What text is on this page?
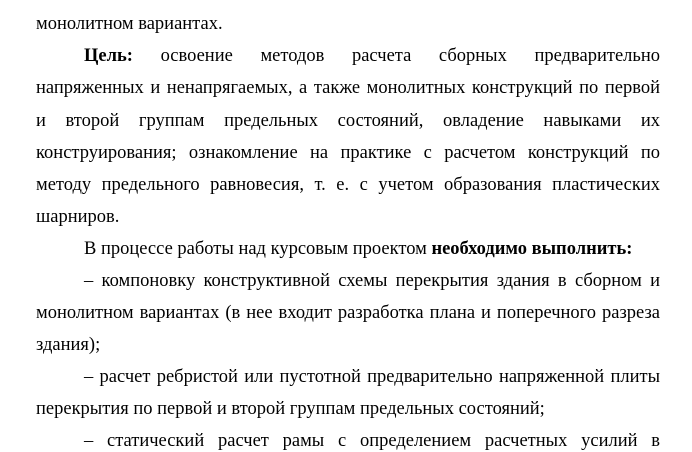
монолитном вариантах.
Цель: освоение методов расчета сборных предварительно
напряженных и ненапрягаемых, а также монолитных конструкций по первой
и второй группам предельных состояний, овладение навыками их
конструирования; ознакомление на практике с расчетом конструкций по
методу предельного равновесия, т. е. с учетом образования пластических
шарниров.
В процессе работы над курсовым проектом необходимо выполнить:
– компоновку конструктивной схемы перекрытия здания в сборном и
монолитном вариантах (в нее входит разработка плана и поперечного разреза
здания);
– расчет ребристой или пустотной предварительно напряженной плиты
перекрытия по первой и второй группам предельных состояний;
– статический расчет рамы с определением расчетных усилий в
